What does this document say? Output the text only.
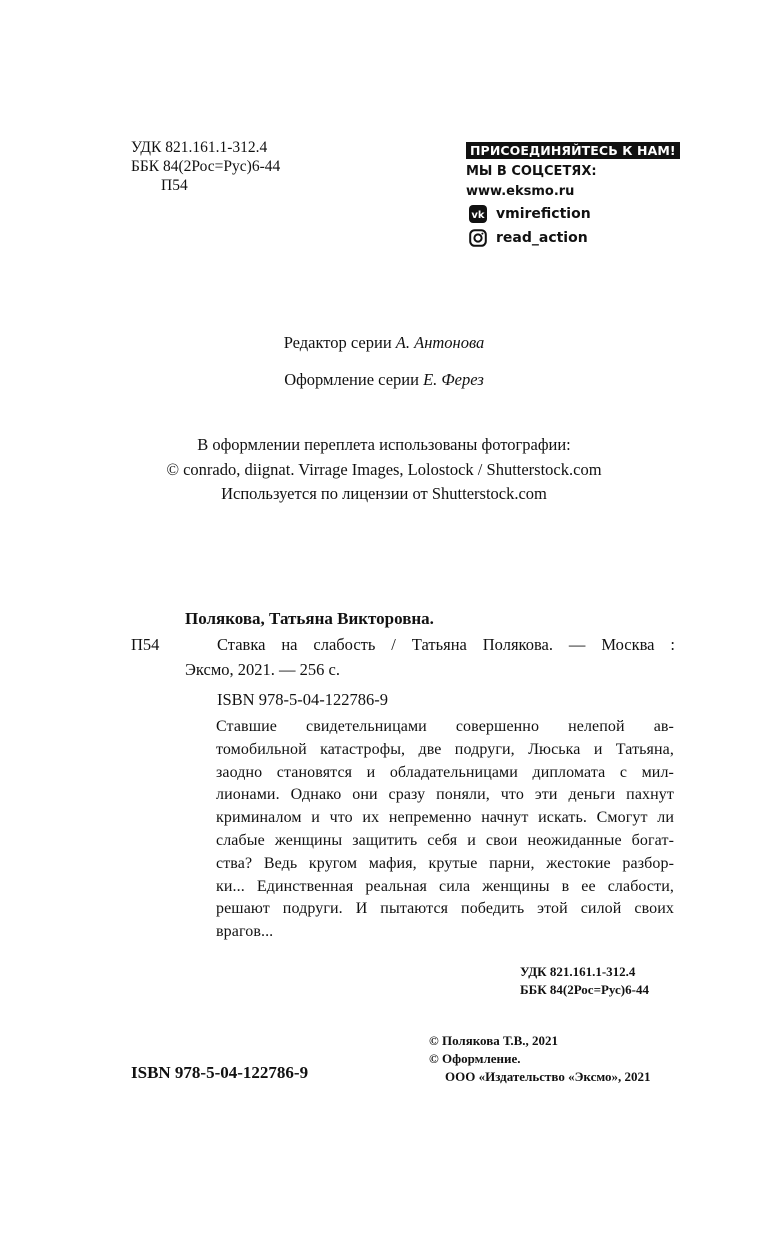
УДК 821.161.1-312.4
ББК 84(2Рос=Рус)6-44
П54
ПРИСОЕДИНЯЙТЕСЬ К НАМ!
МЫ В СОЦСЕТЯХ:
www.eksmo.ru
vk vmirefiction
read_action
Редактор серии А. Антонова
Оформление серии Е. Ферез
В оформлении переплета использованы фотографии:
© conrado, diignat. Virrage Images, Lolostock / Shutterstock.com
Используется по лицензии от Shutterstock.com
Полякова, Татьяна Викторовна.
П54	Ставка на слабость / Татьяна Полякова. — Москва :
Эксмо, 2021. — 256 с.
ISBN 978-5-04-122786-9
Ставшие свидетельницами совершенно нелепой ав-
томобильной катастрофы, две подруги, Люська и Татьяна,
заодно становятся и обладательницами дипломата с мил-
лионами. Однако они сразу поняли, что эти деньги пахнут
криминалом и что их непременно начнут искать. Смогут ли
слабые женщины защитить себя и свои неожиданные богат-
ства? Ведь кругом мафия, крутые парни, жестокие разбор-
ки... Единственная реальная сила женщины в ее слабости,
решают подруги. И пытаются победить этой силой своих
врагов...
УДК 821.161.1-312.4
ББК 84(2Рос=Рус)6-44
ISBN 978-5-04-122786-9
© Полякова Т.В., 2021
© Оформление.
ООО «Издательство «Эксмо», 2021
